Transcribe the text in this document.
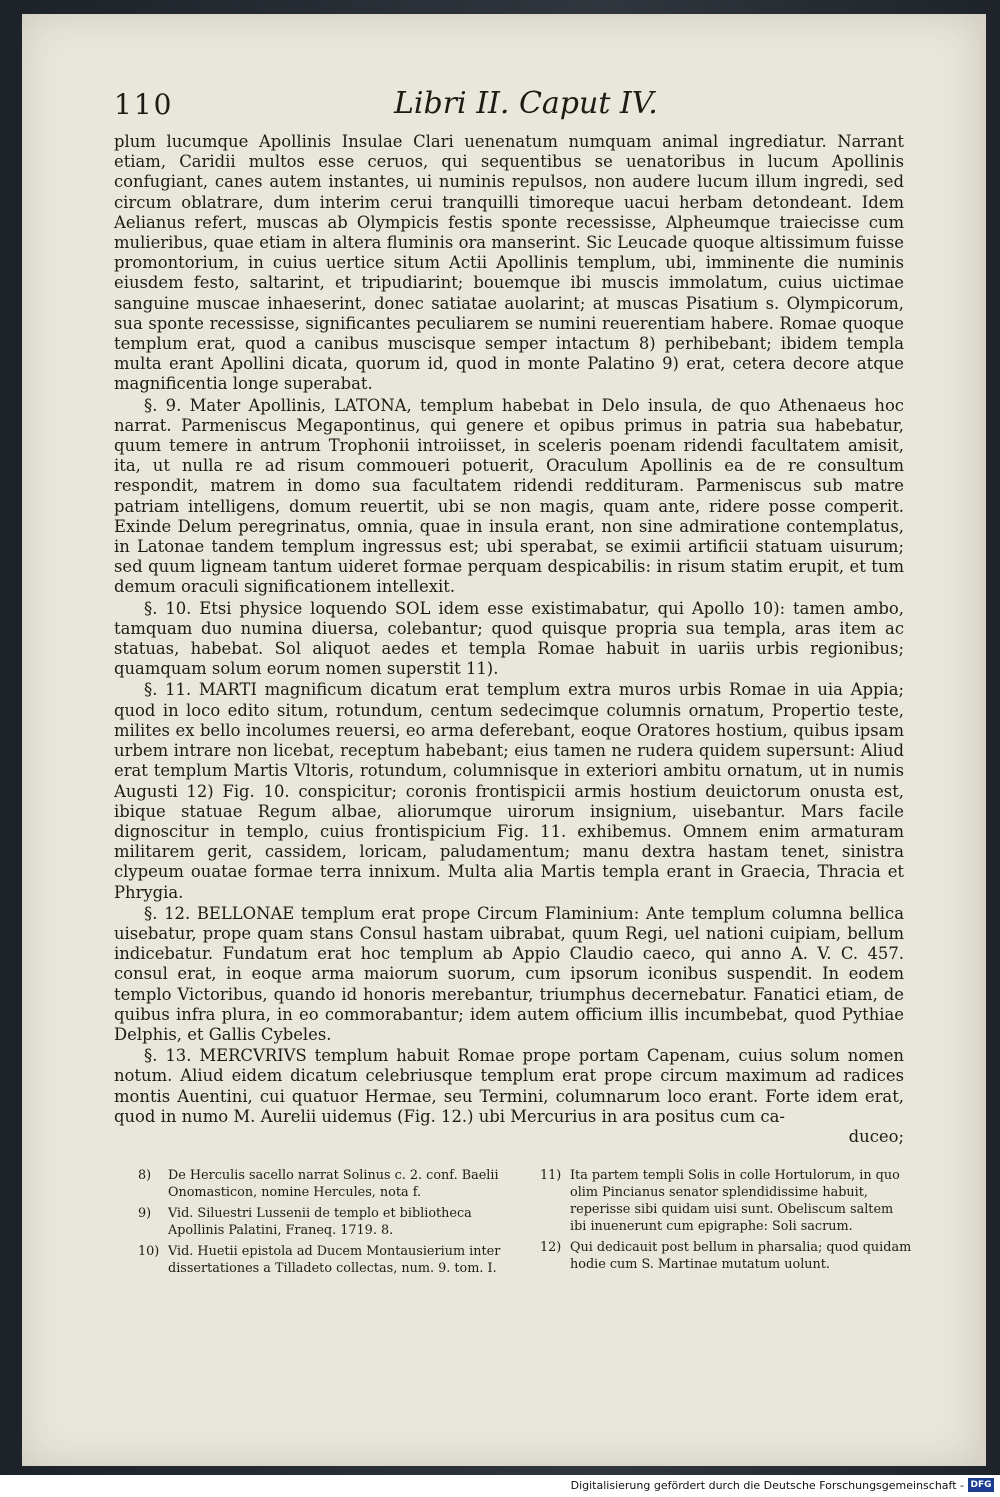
110	Libri II. Caput IV.

plum lucumque Apollinis Insulae Clari uenenatum numquam animal ingrediatur. Narrant etiam, Caridii multos esse ceruos, qui sequentibus se uenatoribus in lucum Apollinis confugiant, canes autem instantes, ui numinis repulsos, non audere lucum illum ingredi, sed circum oblatrare, dum interim cerui tranquilli timoreque uacui herbam detondeant. Idem Aelianus refert, muscas ab Olympicis festis sponte recessisse, Alpheumque traiecisse cum mulieribus, quae etiam in altera fluminis ora manserint. Sic Leucade quoque altissimum fuisse promontorium, in cuius uertice situm Actii Apollinis templum, ubi, imminente die numinis eiusdem festo, saltarint, et tripudiarint; bouemque ibi muscis immolatum, cuius uictimae sanguine muscae inhaeserint, donec satiatae auolarint; at muscas Pisatium s. Olympicorum, sua sponte recessisse, significantes peculiarem se numini reuerentiam habere. Romae quoque templum erat, quod a canibus muscisque semper intactum 8) perhibebant; ibidem templa multa erant Apollini dicata, quorum id, quod in monte Palatino 9) erat, cetera decore atque magnificentia longe superabat.

§. 9. Mater Apollinis, LATONA, templum habebat in Delo insula, de quo Athenaeus hoc narrat. Parmeniscus Megapontinus, qui genere et opibus primus in patria sua habebatur, quum temere in antrum Trophonii introiisset, in sceleris poenam ridendi facultatem amisit, ita, ut nulla re ad risum commoueri potuerit, Oraculum Apollinis ea de re consultum respondit, matrem in domo sua facultatem ridendi reddituram. Parmeniscus sub matre patriam intelligens, domum reuertit, ubi se non magis, quam ante, ridere posse comperit. Exinde Delum peregrinatus, omnia, quae in insula erant, non sine admiratione contemplatus, in Latonae tandem templum ingressus est; ubi sperabat, se eximii artificii statuam uisurum; sed quum ligneam tantum uideret formae perquam despicabilis: in risum statim erupit, et tum demum oraculi significationem intellexit.

§. 10. Etsi physice loquendo SOL idem esse existimabatur, qui Apollo 10): tamen ambo, tamquam duo numina diuersa, colebantur; quod quisque propria sua templa, aras item ac statuas, habebat. Sol aliquot aedes et templa Romae habuit in uariis urbis regionibus; quamquam solum eorum nomen superstit 11).

§. 11. MARTI magnificum dicatum erat templum extra muros urbis Romae in uia Appia; quod in loco edito situm, rotundum, centum sedecimque columnis ornatum, Propertio teste, milites ex bello incolumes reuersi, eo arma deferebant, eoque Oratores hostium, quibus ipsam urbem intrare non licebat, receptum habebant; eius tamen ne rudera quidem supersunt: Aliud erat templum Martis Vltoris, rotundum, columnisque in exteriori ambitu ornatum, ut in numis Augusti 12) Fig. 10. conspicitur; coronis frontispicii armis hostium deuictorum onusta est, ibique statuae Regum albae, aliorumque uirorum insignium, uisebantur. Mars facile dignoscitur in templo, cuius frontispicium Fig. 11. exhibemus. Omnem enim armaturam militarem gerit, cassidem, loricam, paludamentum; manu dextra hastam tenet, sinistra clypeum ouatae formae terra innixum. Multa alia Martis templa erant in Graecia, Thracia et Phrygia.

§. 12. BELLONAE templum erat prope Circum Flaminium: Ante templum columna bellica uisebatur, prope quam stans Consul hastam uibrabat, quum Regi, uel nationi cuipiam, bellum indicebatur. Fundatum erat hoc templum ab Appio Claudio caeco, qui anno A. V. C. 457. consul erat, in eoque arma maiorum suorum, cum ipsorum iconibus suspendit. In eodem templo Victoribus, quando id honoris merebantur, triumphus decernebatur. Fanatici etiam, de quibus infra plura, in eo commorabantur; idem autem officium illis incumbebat, quod Pythiae Delphis, et Gallis Cybeles.

§. 13. MERCVRIVS templum habuit Romae prope portam Capenam, cuius solum nomen notum. Aliud eidem dicatum celebriusque templum erat prope circum maximum ad radices montis Auentini, cui quatuor Hermae, seu Termini, columnarum loco erant. Forte idem erat, quod in numo M. Aurelii uidemus (Fig. 12.) ubi Mercurius in ara positus cum ca-

duceo;

8)	De Herculis sacello narrat Solinus c. 2. conf. Baelii Onomasticon, nomine Hercules, nota f.
9)	Vid. Siluestri Lussenii de templo et bibliotheca Apollinis Palatini, Franeq. 1719. 8.
10) Vid. Huetii epistola ad Ducem Montausierium inter dissertationes a Tilladeto collectas, num. 9. tom. I.
11) Ita partem templi Solis in colle Hortulorum, in quo olim Pincianus senator splendidissime habuit, reperisse sibi quidam uisi sunt. Obeliscum saltem ibi inuenerunt cum epigraphe: Soli sacrum.
12) Qui dedicauit post bellum in pharsalia; quod quidam hodie cum S. Martinae mutatum uolunt.
Digitalisierung gefördert durch die Deutsche Forschungsgemeinschaft - DFG
